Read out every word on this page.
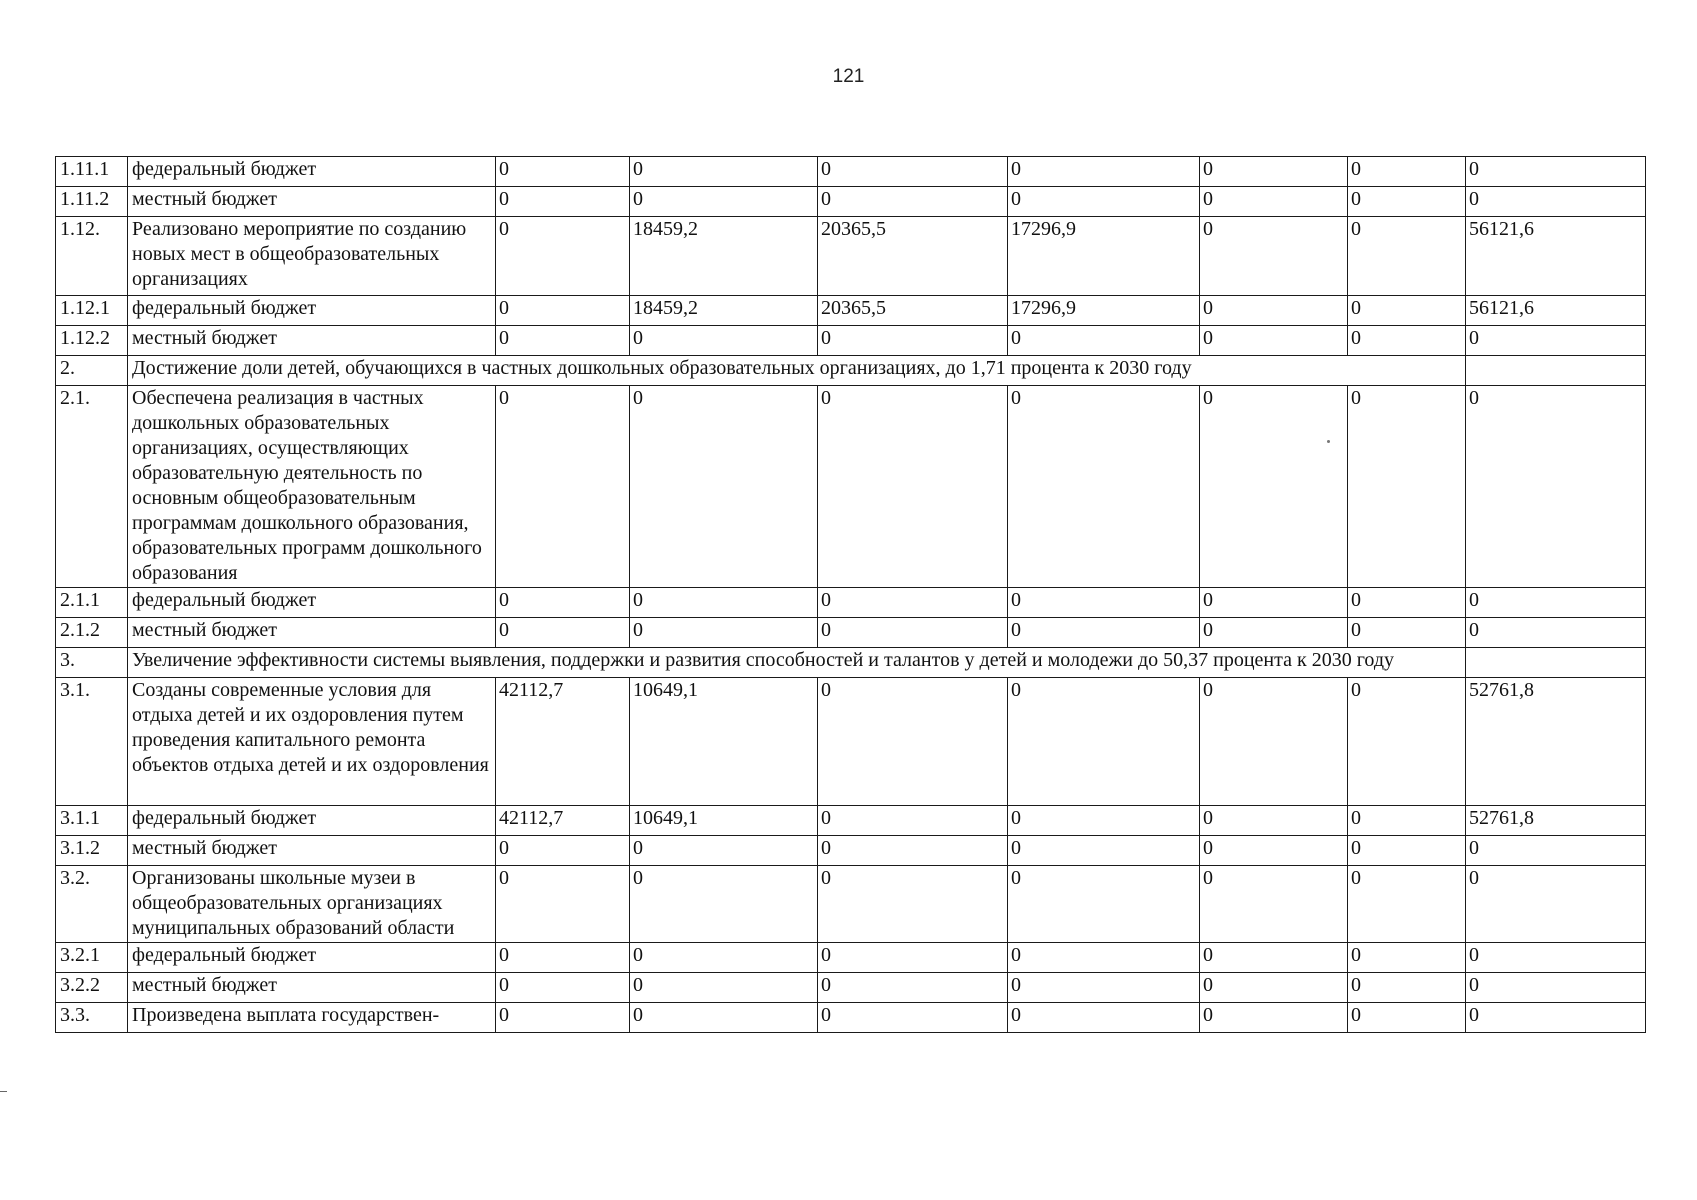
121
1.11.1	федеральный бюджет	0	0	0	0	0	0	0
1.11.2	местный бюджет	0	0	0	0	0	0	0
1.12.	Реализовано мероприятие по созданию новых мест в общеобразовательных организациях	0	18459,2	20365,5	17296,9	0	0	56121,6
1.12.1	федеральный бюджет	0	18459,2	20365,5	17296,9	0	0	56121,6
1.12.2	местный бюджет	0	0	0	0	0	0	0
2.	Достижение доли детей, обучающихся в частных дошкольных образовательных организациях, до 1,71 процента к 2030 году							
2.1.	Обеспечена реализация в частных дошкольных образовательных организациях, осуществляющих образовательную деятельность по основным общеобразовательным программам дошкольного образования, образовательных программ дошкольного образования	0	0	0	0	0	0	0
2.1.1	федеральный бюджет	0	0	0	0	0	0	0
2.1.2	местный бюджет	0	0	0	0	0	0	0
3.	Увеличение эффективности системы выявления, поддержки и развития способностей и талантов у детей и молодежи до 50,37 процента к 2030 году							
3.1.	Созданы современные условия для отдыха детей и их оздоровления путем проведения капитального ремонта объектов отдыха детей и их оздоровления	42112,7	10649,1	0	0	0	0	52761,8
3.1.1	федеральный бюджет	42112,7	10649,1	0	0	0	0	52761,8
3.1.2	местный бюджет	0	0	0	0	0	0	0
3.2.	Организованы школьные музеи в общеобразовательных организациях муниципальных образований области	0	0	0	0	0	0	0
3.2.1	федеральный бюджет	0	0	0	0	0	0	0
3.2.2	местный бюджет	0	0	0	0	0	0	0
3.3.	Произведена выплата государствен-	0	0	0	0	0	0	0
